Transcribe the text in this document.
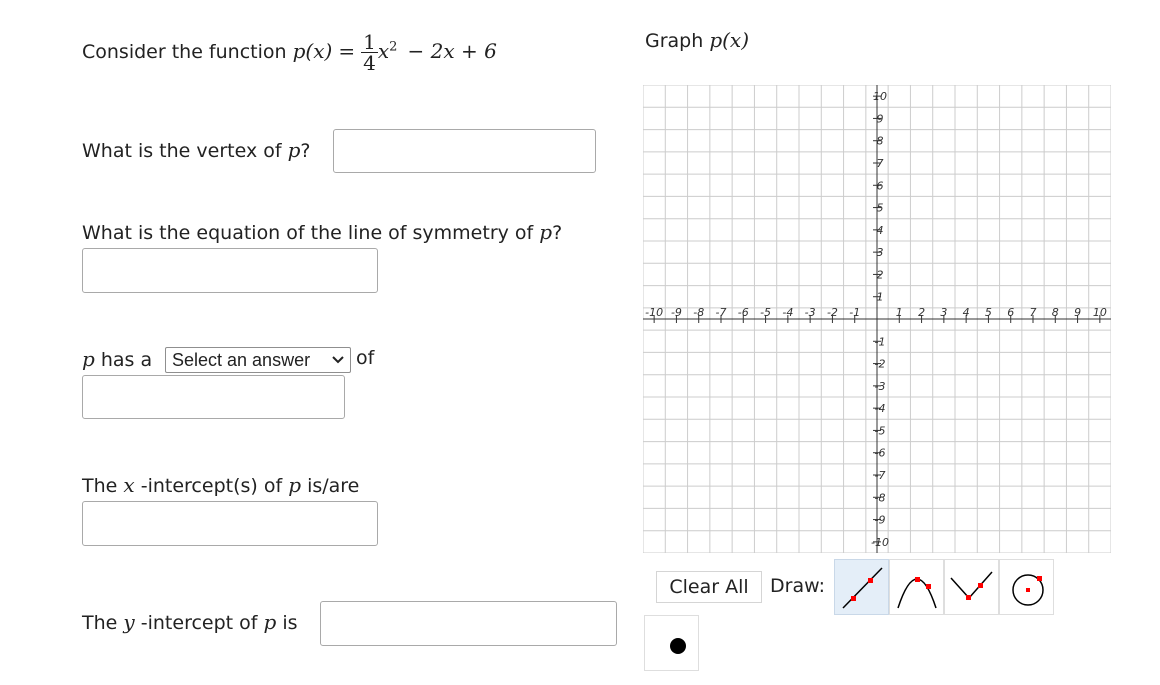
Consider the function $p(x) = \frac{1}{4} x^2 - 2x + 6$
What is the vertex of p?
What is the equation of the line of symmetry of p?
p has a	Select an answer	of
The x -intercept(s) of p is/are
The y -intercept of p is
Graph p(x)
-10 -9 -8 -7 -6 -5 -4 -3 -2 -1	1 2 3 4 5 6 7 8 9 10
10
9
8
7
6
5
4
3
2
1
-1
-2
-3
-4
-5
-6
-7
-8
-9
-10
Clear All	Draw:
